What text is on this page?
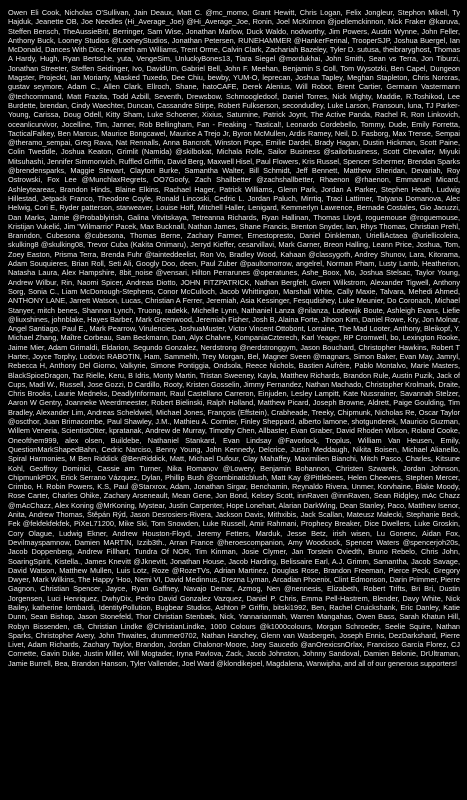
Owen Eli Cook, Nicholas O'Sullivan, Jain Deaux, Matt C. @mc_momo, Grant Hewitt, Chris Logan, Felix Jongleur, Stephon Mikell, Ty Hajduk, Jeanette OB, Joe Needles (Hi_Average_Joe) @Hi_Average_Joe, Ronin, Joel McKinnon @joellemckinnon, Nick Fraker @karuva, Steffen Bensch, TheAussieBrit, Berringer, Sam Wise, Jonathan Marlow, Duck Waldo, nodworthy, Jim Powers, Austin Wynne, John Feller, Anthony Buck, Looney Studios @LooneyStudios, Jonathan Petersen, RUNEHAMMER @HankerFerinal, TrooperSJP, Joshua Buergel, Ian McDonald, Dances With Dice, Kenneth am Williams, Trent Orme, Calvin Clark, Zachariah Bazeley, Tyler D. sutusa, theibraryghost, Thomas A Hardy, Hugh, Ryan Bertsche, yuta, VengeSim, UnluckyBones13, Tiara Siegel @mordukhai, John Smith, Sean vs Terra, Jon Tiburzi, Jonathan Streeter, Steffen Seidinger, Ivo, DavidUm, Gabriel Bell, John F. Meehan, Benjamin S Coll, Tom Wysotzki, Ben Capel, Dungeon Magster, Projeckt, Ian Moriarty, Masked Tuxedo, Dee Chiu, bewby, YUM-O, leprecan, Joshua Tapley, Meghan Stapleton, Chris Norcras, gustav seymore, Adam C., Allen Clark, Ellroch, Shane, hatoCAFE, Derek Alenius, Will Robot, Brent Cartier, Germann Vastermann @techcommand, Matt Frazita, Todd Azbill, Seventh, Drewsbow, Schmoogledoof, Daniel Torres, Nick Mighty, Maddie, R.Toshikod, Lee Burdette, brendan, Cindy Waechter, Duncan, Cassandre Stirpe, Robert Fulkserson, secondudley, Luke Larson, Fransoun, luna, TJ Parker-Young, Carissa, Doug Odell, Kitty Sham, Luke Schoener, Xixius, Saturnine, Patrick Joynt, The Active Panda, Rachel R, Ron Linkovich, oceanlicurvivor, Jocelline, Tim, Janner, Rob Bellingham, Fan - Freaking - Tastical!, Leonardo Cordebello, Tommy, Dude, Emily Forretta, TacticalFalkey, Ben Marcus, Maurice Bongcawel, Maurice A Trejo Jr, Byron McMullen, Ardis Ramey, Neil, D. Fasborg, Max Trense, Sempai @theramo_sempai, Greg Rava, Nat Rennalls, Anna Bancroft, Winston Pope, Emilie Dardel, Brady Hagan, Dustin Hickman, Scott Paine, Colin Tweddle, Joshua Keaton, Grimlit (Namida) @skilbokat, Michala Rolle, Sailor Business @sailorbusiness, Scott Chevalier, Miyuki Mitsuhashi, Jennifer Simmonvich, Ruffled Griffin, David Berg, Maxwell Hisel, Paul Flowers, Kris Russel, Spencer Schermer, Brendan Sparks @brendensparks, Maggie Stewart, Clayton Burke, Samantha Walter, Bill Schmidt, Jeff Bennett, Matthew Sheridan, Devariah, Roy Ostrowski, Fox Lee @MunchlaxRegrets, OO7Goofy, Zach Shallbetter @zachshallbetter, Rhaenon @rhaenon, Emmanuel Micard, Ashleyteareas, Brandon Hinds, Blaine Elkins, Rachael Hager, Patrick Williams, Glenn Park, Jordan A Parker, Stephen Heath, Ludwig Hillestad, Jetpack Franco, Theodore Coyle, Ronald Lincoski, Cedric L. Jordan Paluch, Mirrtiq, Traci Lattimer, Tatyana Domanova, Alec Helwig, Cori E, Ryder patterson, starweaver, Louise Hoff, Mitchell Haller, Lenigard, Kemmerlyn Lawrence, Bernade Costales, Gio Jacuzzi, Dan Marks, Jamie @Probablyirish, Galina Vitvitskaya, Tetreanna Richards, Ryan Hallinan, Thomas Lloyd, roguemouse @roguemouse, Kristijan Vukelić, Jim "Wilmarrio" Pacek, Max Bucknall, Nathan James, Shane Francis, Brenton Snyder, Ian, Rhys Thomas, Christian Prehl, Branndon, Cubesona @cubesona, Thomas Berne, Zachary Farmer, Ernestopresto, Daniel Dinkleman, UrielliActaea @uriellicoleira, skulking8 @skulking08, Trevor Cuba (Kakita Onimaru), Jerryd Kieffer, cesarvillavi, Mark Garner, Breon Halling, Leann Price, Joshua, Tom, Zoey Easton, Prisma Terra, Brenda Fuhr @tainteddeelist, Ron Vo, Bradley Wood, Kahaan @classygoth, Andrey Shunov, Lara, Kitorama, Adam Souquieres, Brian Roll, Seti Ali, Googly Doo, deen, Paul Zuber @paultomorrow, angelrel, Norman Pham, Lusty Lamb, Heatherion, Natasha Laura, Alex Hampshire, 8bit_noise @vensari, Hilton Perrarunes @operatunes, Ashe_Boox, Mo, Joshua Stelsac, Taylor Young, Andrew Wilbur, Rin, Naomi Spicer, Andreas Diotto, JOHN FITZPATRICK, Nathan Bergfelt, Gwen Wilkstrom, Alexander Tigwell, Anthony Sorg, Sonia C., Liam McDonough-Stephens, Conor McCulloch, Jacob Whittington, Marshall White, Cally Maxie, Talvara, Mehedi Ahmed, ANTHONY LANE, Jarrett Watson, Lucas, Christian A Ferrer, Jeremiah, Asia Kessinger, Fesqudishey, Luke Meunier, Do Coronach, Michael Stanyer, mitch benes, Shannon Lynch, Truong, radekk, Michelle Lynn, Nathaniel Lanza @nilanza, Lodewijk Boute, Ashleigh Evans, Liefie @liuxshines, johnblake, Hayes Barber, Mark Greenwood, Jeremiah Fisher, Josh B, Alaina Forte, Jihoon Kim, Daniel Rowe, Kry, Jon Molnar, Angel Santiago, Paul E., Mark Pearrow, Virulencies, JoshuaMuster, Victor Vincent Ottobont, Lorraine, The Mad Looter, Anthony, Bleikopf, Y. Michael Zhang, Maître Corbeau, Sam Beckmann, Dan, Alyx Chalvre, KompaniaCzterech, Karl Yeager, RP Cromwell, bo, Lexington Rooke, Jaime Mier, Adam Grimaldi, Eldarion, Segundo Gonzalez, Nerdstrong @nerdstronggym, Jason Bouchard, Christopher Hawkins, Robert T Harter, Joyce Torphy, Lodovic RABOTIN, Ham, Sammehh, Trey Morgan, Bel, Magner Sveen @magnars, Simon Baker, Evan May, Jamryl, Rebecca H, Anthony Del Giorno, Valkyrie, Simone Pontiggia, Ondsola, Reece Nichols, Bastien Aufrère, Pablo Montalvo, Marie Masters, BlackSpiceDragon, Taz Rielle, Keru, B Idris, Monty Martin, Tristan Sweeney, Kayla, Matthew Richards, Brandon Rule, Austin Puzik, Jack of Cups, Madi W., Russell, Jose Gozzi, D Cardillo, Rooty, Kristen Gosselin, Jimmy Fernandez, Nathan Machado, Christopher Krolmark, Draite, Chris Brooks, Laurie Medneks, DeadlyInformant, Raul Castellano Carreron, Einjuden, Lesley Lampitt, Kate Nussrainer, Savannah Stelzer, Aaron W Gentry, Joanneke Weerdmeester, Robert Bielinski, Ralph Holland, Matthew Picard, Joseph Browne, Aldrett, Paige Goulding, Tim Bradley, Alexander Lim, Andreas Scheldwiel, Michael Jones, François (Effstein), Crabheade, Treeky, Chipmunk, Nicholas Re, Oscar Taylor @oscthor, Juan Brimacombe, Paul Shawley, J.M., Mathieu A. Cormier, Finley Sheppard, alberto lamone, shotgunderek, Mauricio Guzman, Willem Veneria, ScientistOtter, kpratanak, Andrew de Murray, Timothy Chen, Allbaster, Evan Graber, David Rhoden Wilson, Roland Cooke, Oneofthem999, alex olsen, Buildebe, Nathaniel Stankard, Evan Lindsay @Favorlock, Troplus, William Van Heusen, Emily, QuestionMarkShapedBahn, Cedric Narciso, Benny Young, John Kennedy, Delcrice, Justin Meddaugh, Nikita Boisen, Michael Alianello, Spiral Harmonies, M Ben Riddick @BenRiddick, Matt, Michael Dufour, Clay Mahaffey, Maximilien Bianchi, Mitch Pasco, Charles, Kitsune Kohl, Geoffroy Dominici, Cassie am Turner, Nika Romanov @Lowery, Benjamin Bohannon, Christen Szwarek, Jordan Johnson, ChipmunkPDX, Erick Serrano Vázquez, Dylan, Phillip Bush @combinaticblush, Matt Kay @Pittlebees, Helen Cheevers, Stephen Mercer, Crimbo, H. Robin Powers, K.S, Paul @Starxrox, Adam, Jonathan Sirgar, Benchamin, Reynaldo Rivera, Unmer, Korvhaine, Blake Moody, Rose Carter, Charles Ohike, Zachary Arseneault, Mean Gene, Jon Bond, Kelsey Scott, innRaven @innRaven, Sean Ridgley, mAc Chazz @mAcChazz, Alex Koning @MrKoning, Mystear, Justin Carpenter, Hope Lonehart, Alarian DarkWing, Dean Stanley, Paco, Matthew Isenor, Anita, Andrew Thomas, Štěpán Rýd, Jason Desrosiers-Rivera, Jackson Davis, Mithxibis, Jack Scallan, Mateusz Małecki, Stephanie Beck, Fek @fekfekfekfek, PiXeL71200, Mike Ski, Tom Snowden, Luke Russell, Amir Rahmani, Prophecy Breaker, Dice Dwellers, Luke Groskin, Cory Olague, Ludwig Ekner, Andrew Houston-Floyd, Jeremy Fetters, Marduk, Jesse Betz, irish wisen, Lu Gonenc, Aidan Fox, Devilmayspamnow, Damien MARTIN, Izzib3th., Arran France @heroescompanion, Amy Woodcock, Spencer Waters @spencerjoh20s, Jacob Doppenberg, Andrew Fillhart, Tundra Of NOR, Tim Kinman, Josie Clymer, Jan Torstein Oviedth, Bruno Rebelo, Chris John, SoaringSpirit, Kistella., James Knevitt @Jknevitt, Jonathan House, Jacob Harding, Belissaire Earl, A.J. Grimm, Samantha, Jacob Savage, David Watson, Matthew Mullen, Luis Lotz, Roze @RozeTVs, Adrian Martinez, Douglas Rose, Brandon Freeman, Pierce Peck, Gregory Dwyer, Mark Wilkins, The Happy 'Hoo, Nemi VI, David Medinnus, Drezna Lyman, Arcadian Phoenix, Clint Edmonson, Darin Primmer, Pierre Gagnon, Christian Spencer, Jayce, Ryan Gaffney, Navajo Demar, Azmog, Nen @nennesis, Elizabeth, Robert Trifts, Bri Bri, Dustin Jorgensen, Luci Henriquez, DwhyDix, Pedro David Gonzalez Vazquez, Daniel P. Chris, Emma Pell-Hastrem, Blender, Davy White, Nick Bailey, katherine lombardi, IdentityPollution, Bugbear Studios, Ashton P Griffin, bitski1992, Ben, Rachel Cruickshank, Eric Danley, Katie Dunn, Sean Bishop, Jason Stonefeld, Thor Christian Stenbæk, Nick, Yannarianmah, Warren Mangahas, Owen Bass, Sarah Khatun Hill, Robyn Bissenden, cB, Christian Lindke @ChristianLindke, 1000 Colours @k1000colours, Morgan Schroeder, Seelie Squire, Nathan Sparks, Christopher Avery, John Thwaites, drummer0702, Nathan Hanchey, Glenn van Wasbergen, Joseph Ennis, DezDarkshard, Pierre Livet, Adam Richards, Zachary Taylor, Brandon, Jordan Chalonor-Moore, Joey Saucedo @anOrexicsnOrlax, Francisco García Florez, CJ Cornette, Gavin Duke, Justin Miller, Will Mogtader, Iryna Pavlova, Zack, Jacob Johnston, Johnny Sandoval, Damien Belonie, DrUltraman, Jamie Burrell, Bea, Brandon Hanson, Tyler Vallender, Joel Ward @klondikejoel, Magdalena, Wanwipha, and all of our generous supporters!
